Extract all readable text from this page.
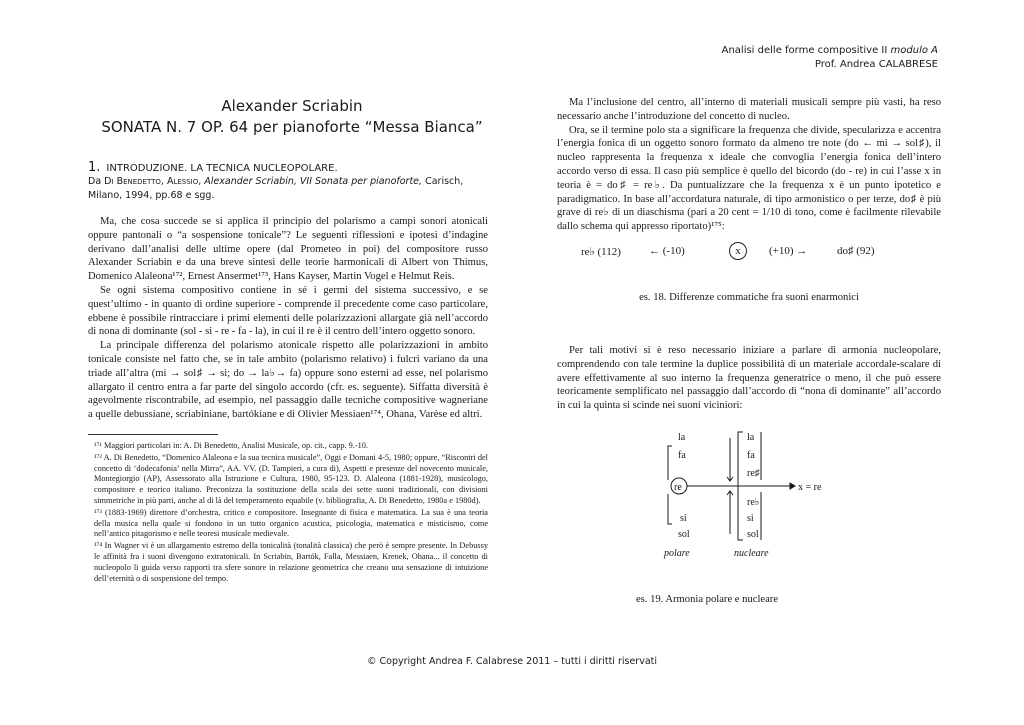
Analisi delle forme compositive II modulo A
Prof. Andrea CALABRESE
Alexander Scriabin
SONATA N. 7 OP. 64 per pianoforte “Messa Bianca”
1. INTRODUZIONE. LA TECNICA NUCLEOPOLARE.
Da Di Benedetto, Alessio, Alexander Scriabin, VII Sonata per pianoforte, Carisch, Milano, 1994, pp.68 e sgg.

Ma, che cosa succede se si applica il principio del polarismo a campi sonori atonicali oppure pantonali o “a sospensione tonicale”? Le seguenti riflessioni e ipotesi d’indagine derivano dall’analisi delle ultime opere (dal Prometeo in poi) del compositore russo Alexander Scriabin e da una breve sintesi delle teorie harmonicali di Albert von Thimus, Domenico Alaleona¹⁷², Ernest Ansermet¹⁷³, Hans Kayser, Martin Vogel e Helmut Reis.

Se ogni sistema compositivo contiene in sé i germi del sistema successivo, e se quest’ultimo - in quanto di ordine superiore - comprende il precedente come caso particolare, ebbene è possibile rintracciare i primi elementi delle polarizzazioni allargate già nell’accordo di nona di dominante (sol - si - re - fa - la), in cui il re è il centro dell’intero oggetto sonoro.

La principale differenza del polarismo atonicale rispetto alle polarizzazioni in ambito tonicale consiste nel fatto che, se in tale ambito (polarismo relativo) i fulcri variano da una triade all’altra (mi → sol♯ → si; do → la♭→ fa) oppure sono esterni ad esse, nel polarismo allargato il centro entra a far parte del singolo accordo (cfr. es. seguente). Siffatta diversità è agevolmente riscontrabile, ad esempio, nel passaggio dalle tecniche compositive wagneriane a quelle debussiane, scriabiniane, bartókiane e di Olivier Messiaen¹⁷⁴, Ohana, Varèse ed altri.

¹⁷¹ Maggiori particolari in: A. Di Benedetto, Analisi Musicale, op. cit., capp. 9.-10.

¹⁷² A. Di Benedetto, “Domenico Alaleona e la sua tecnica musicale”, Oggi e Domani 4-5, 1980; oppure, “Riscontri del concetto di ‘dodecafonia’ nella Mirra”, AA. VV. (D. Tampieri, a cura di), Aspetti e presenze del novecento musicale, Montegiorgio (AP), Assessorato alla Istruzione e Cultura, 1980, 95-123. D. Alaleona (1881-1928), musicologo, compositore e teorico italiano. Preconizza la sostituzione della scala dei sette suoni tradizionali, con divisioni simmetriche in più parti, anche al di là del temperamento equabile (v. bibliografia, A. Di Benedetto, 1980a e 1980d).

¹⁷³ (1883-1969) direttore d’orchestra, critico e compositore. Insegnante di fisica e matematica. La sua è una teoria della musica nella quale si fondono in un tutto organico acustica, psicologia, matematica e misticismo, come nell’antico pitagorismo e nelle teoresi musicale medievale.

¹⁷⁴ In Wagner vi è un allargamento estremo della tonicalità (tonalità classica) che però è sempre presente. In Debussy le affinità fra i suoni divengono extratonicali. In Scriabin, Bartók, Falla, Messiaen, Krenek, Ohana... il concetto di nucleopolo li guida verso rapporti tra sfere sonore in relazione geometrica che creano una sensazione di intuizione dell’eternità o di sospensione del tempo.

Ma l’inclusione del centro, all’interno di materiali musicali sempre più vasti, ha reso necessario anche l’introduzione del concetto di nucleo.

Ora, se il termine polo sta a significare la frequenza che divide, specularizza e accentra l’energia fonica di un oggetto sonoro formato da almeno tre note (do ← mi → sol♯), il nucleo rappresenta la frequenza x ideale che convoglia l’energia fonica dell’intero accordo verso di essa. Il caso più semplice è quello del bicordo (do - re) in cui l’asse x in teoria è = do♯ = re♭. Da puntualizzare che la frequenza x è un punto ipotetico e paradigmatico. In base all’accordatura naturale, di tipo armonistico o per terze, do♯ è più grave di re♭ di un diaschisma (pari a 20 cent = 1/10 di tono, come è facilmente rilevabile dallo schema qui appresso riportato)¹⁷⁵:

re♭ (112)	← (-10)	x	(+10) →	do♯ (92)
es. 18. Differenze commatiche fra suoni enarmonici

Per tali motivi si è reso necessario iniziare a parlare di armonia nucleopolare, comprendendo con tale termine la duplice possibilità di un materiale accordale-scalare di avere effettivamente al suo interno la frequenza generatrice o meno, il che può essere teoricamente semplificato nel passaggio dall’accordo di “nona di dominante” all’accordo in cui la quinta si scinde nei suoni viciniori:

la
fa
re
si
sol
la
fa
re♯
re♭
si
sol
x = re
polare	nucleare
es. 19. Armonia polare e nucleare
© Copyright Andrea F. Calabrese 2011 – tutti i diritti riservati
